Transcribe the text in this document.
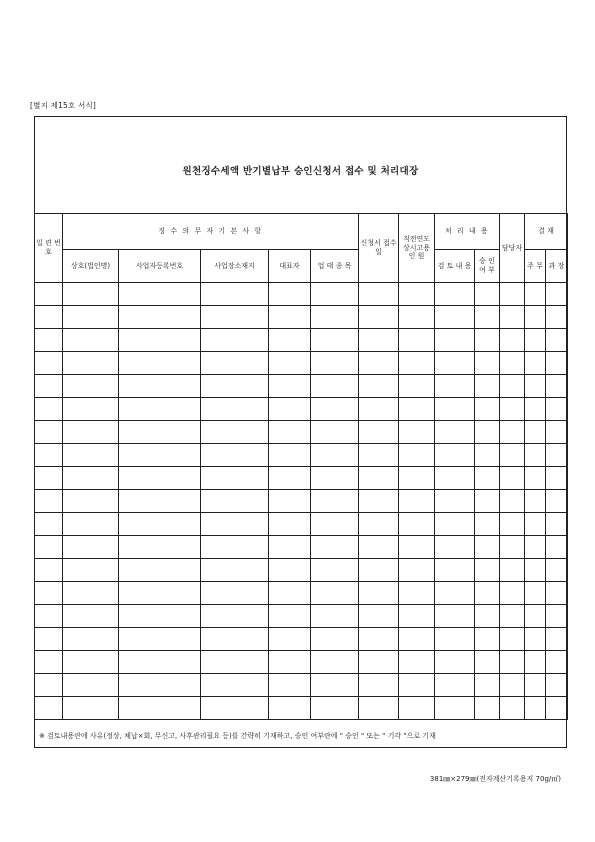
[별지 제15호 서식]
원천징수세액 반기별납부 승인신청서 접수 및 처리대장
일 련 번 호	징 수 의 무 자 기 본 사 항					신청서 접수일	직전연도 상시고용 인 원	처 리 내 용		담당자	결 재	
	상호(법인명)	사업자등록번호	사업장소재지	대표자	업 태 종 목			검 토 내 용	승 인 여 부		주 무	과 장

※ 검토내용란에 사유(정상, 체납×회, 무신고, 사후관리필요 등)를 간략히 기재하고, 승인 여부란에 " 승인 " 또는 " 기각 "으로 기재
381㎜×279㎜(전자계산기록용지 70g/㎡)
